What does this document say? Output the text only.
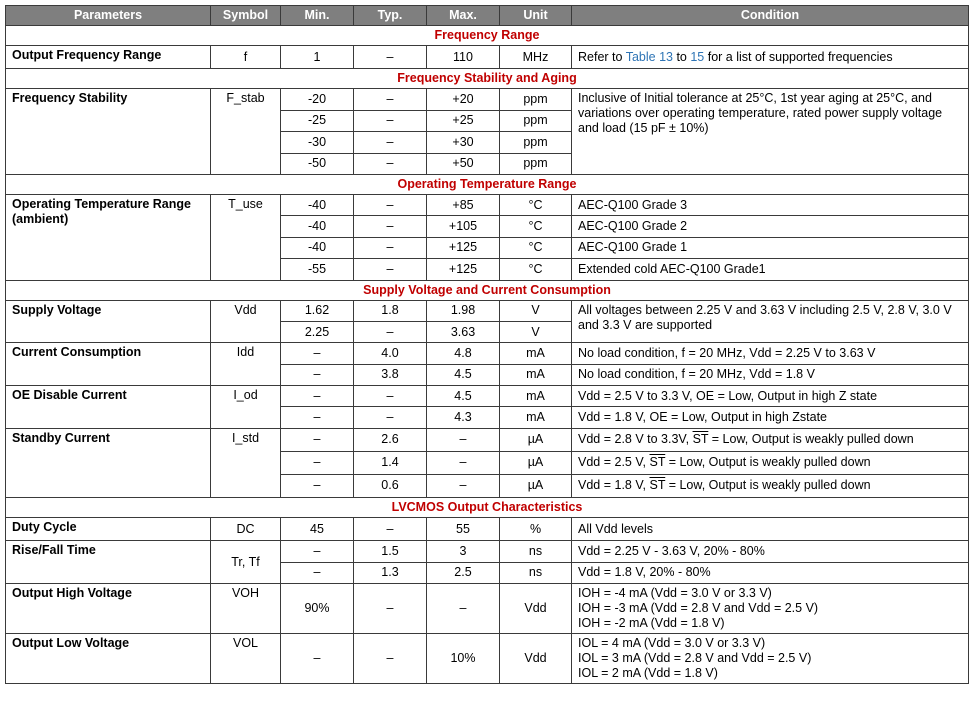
Parameters	Symbol	Min.	Typ.	Max.	Unit	Condition
Frequency Range						
Output Frequency Range	f	1	–	110	MHz	Refer to Table 13 to 15 for a list of supported frequencies
Frequency Stability and Aging						
Frequency Stability	F_stab	-20	–	+20	ppm	Inclusive of Initial tolerance at 25°C, 1st year aging at 25°C, and variations over operating temperature, rated power supply voltage and load (15 pF ± 10%)
		-25	–	+25	ppm	
		-30	–	+30	ppm	
		-50	–	+50	ppm	
Operating Temperature Range						
Operating Temperature Range (ambient)	T_use	-40	–	+85	°C	AEC-Q100 Grade 3
		-40	–	+105	°C	AEC-Q100 Grade 2
		-40	–	+125	°C	AEC-Q100 Grade 1
		-55	–	+125	°C	Extended cold AEC-Q100 Grade1
Supply Voltage and Current Consumption						
Supply Voltage	Vdd	1.62	1.8	1.98	V	All voltages between 2.25 V and 3.63 V including 2.5 V, 2.8 V, 3.0 V and 3.3 V are supported
		2.25	–	3.63	V	
Current Consumption	Idd	–	4.0	4.8	mA	No load condition, f = 20 MHz, Vdd = 2.25 V to 3.63 V
		–	3.8	4.5	mA	No load condition, f = 20 MHz, Vdd = 1.8 V
OE Disable Current	I_od	–	–	4.5	mA	Vdd = 2.5 V to 3.3 V, OE = Low, Output in high Z state
		–	–	4.3	mA	Vdd = 1.8 V, OE = Low, Output in high Zstate
Standby Current	I_std	–	2.6	–	µA	Vdd = 2.8 V to 3.3V, $\overline{ST}$ = Low, Output is weakly pulled down
		–	1.4	–	µA	Vdd = 2.5 V, $\overline{ST}$ = Low, Output is weakly pulled down
		–	0.6	–	µA	Vdd = 1.8 V, $\overline{ST}$ = Low, Output is weakly pulled down
LVCMOS Output Characteristics						
Duty Cycle	DC	45	–	55	%	All Vdd levels
Rise/Fall Time	Tr, Tf	–	1.5	3	ns	Vdd = 2.25 V - 3.63 V, 20% - 80%
		–	1.3	2.5	ns	Vdd = 1.8 V, 20% - 80%
Output High Voltage	VOH	90%	–	–	Vdd	IOH = -4 mA (Vdd = 3.0 V or 3.3 V)
IOH = -3 mA (Vdd = 2.8 V and Vdd = 2.5 V)
IOH = -2 mA (Vdd = 1.8 V)

Output Low Voltage	VOL	–	–	10%	Vdd	IOL = 4 mA (Vdd = 3.0 V or 3.3 V)
IOL = 3 mA (Vdd = 2.8 V and Vdd = 2.5 V)
IOL = 2 mA (Vdd = 1.8 V)
